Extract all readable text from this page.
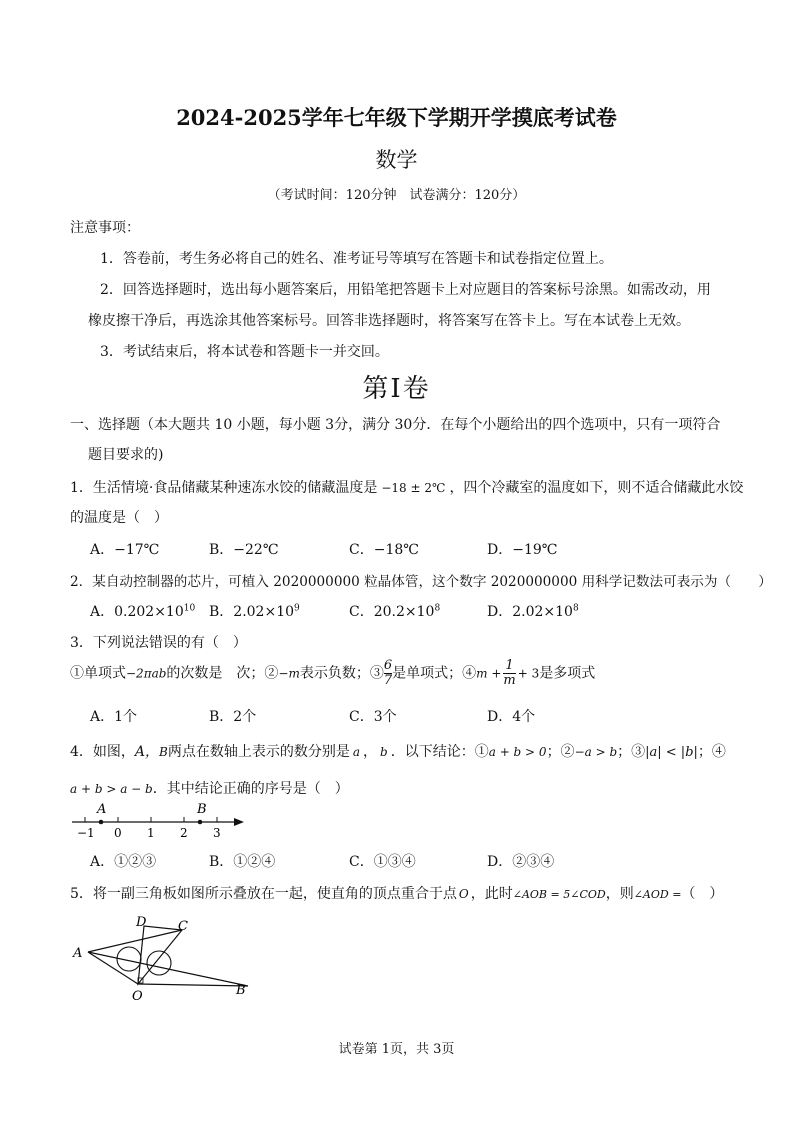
2024-2025学年七年级下学期开学摸底考试卷
数学
（考试时间：120分钟　试卷满分：120分）
注意事项：
1．答卷前，考生务必将自己的姓名、准考证号等填写在答题卡和试卷指定位置上。
2．回答选择题时，选出每小题答案后，用铅笔把答题卡上对应题目的答案标号涂黑。如需改动，用
橡皮擦干净后，再选涂其他答案标号。回答非选择题时，将答案写在答卡上。写在本试卷上无效。
3．考试结束后，将本试卷和答题卡一并交回。
第Ⅰ卷
一、选择题（本大题共 10 小题，每小题 3分，满分 30分．在每个小题给出的四个选项中，只有一项符合
题目要求的)
1．生活情境·食品储藏某种速冻水饺的储藏温度是 −18 ± 2℃ ，四个冷藏室的温度如下，则不适合储藏此水饺
的温度是（　）
A．−17℃	B．−22℃	C．−18℃	D．−19℃
2．某自动控制器的芯片，可植入 2020000000 粒晶体管，这个数字 2020000000 用科学记数法可表示为（　　）
A．$0.202\times 10^{10}$ B．$2.02\times 10^9$	C．$20.2\times 10^8$	D．$2.02\times 10^8$
3．下列说法错误的有（　）
①单项式−2πab的次数是　次；②−m表示负数；③ $\frac{6}{7}$ 是单项式；④m + $\frac{1}{m} + 3$是多项式
A．1个	B．2个	C．3个	D．4个
4．如图，A，B两点在数轴上表示的数分别是 a ， b ．以下结论：①a + b > 0；②−a > b；③|a| < |b|；④
a + b > a − b．其中结论正确的序号是（　）
A	B
−1 0 1 2 3
A．①②③	B．①②④	C．①③④	D．②③④
5．将一副三角板如图所示叠放在一起，使直角的顶点重合于点 O ，此时∠AOB = 5∠COD，则∠AOD =（　）
A
B
C
D
O
试卷第 1页，共 3页
